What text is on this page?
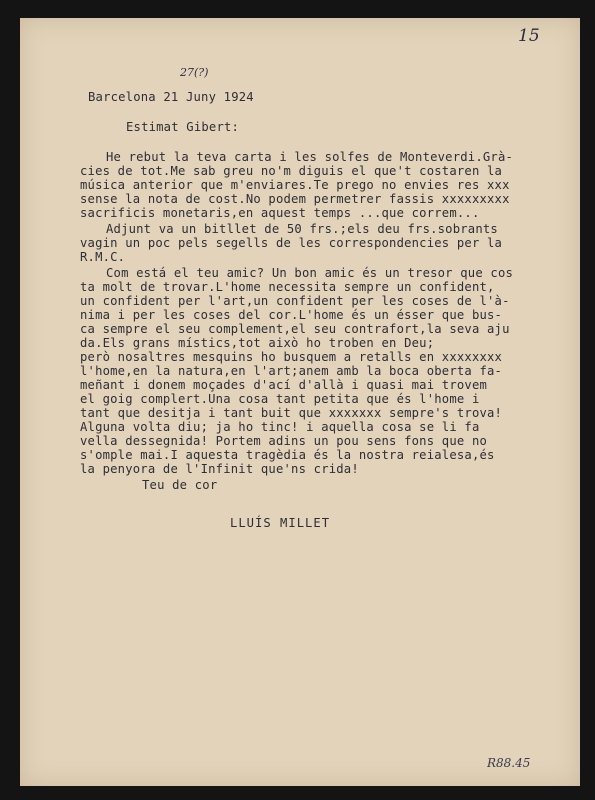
15
27(?)
Barcelona 21 Juny 1924
Estimat Gibert:
He rebut la teva carta i les solfes de Monteverdi.Grà-
cies de tot.Me sab greu no'm diguis el que't costaren la
música anterior que m'enviares.Te prego no envies res xxx
sense la nota de cost.No podem permetrer fassis xxxxxxxxx
sacrificis monetaris,en aquest temps ...que correm...
Adjunt va un bitllet de 50 frs.;els deu frs.sobrants
vagin un poc pels segells de les correspondencies per la
R.M.C.
Com está el teu amic? Un bon amic és un tresor que cos
ta molt de trovar.L'home necessita sempre un confident,
un confident per l'art,un confident per les coses de l'à-
nima i per les coses del cor.L'home és un ésser que bus-
ca sempre el seu complement,el seu contrafort,la seva aju
da.Els grans místics,tot això ho troben en Deu;
però nosaltres mesquins ho busquem a retalls en xxxxxxxx
l'home,en la natura,en l'art;anem amb la boca oberta fa-
meñant i donem moçades d'ací d'allà i quasi mai trovem
el goig complert.Una cosa tant petita que és l'home i
tant que desitja i tant buit que xxxxxxx sempre's trova!
Alguna volta diu; ja ho tinc! i aquella cosa se li fa
vella dessegnida! Portem adins un pou sens fons que no
s'omple mai.I aquesta tragèdia és la nostra reialesa,és
la penyora de l'Infinit que'ns crida!
Teu de cor
LLUÍS MILLET
R88.45
